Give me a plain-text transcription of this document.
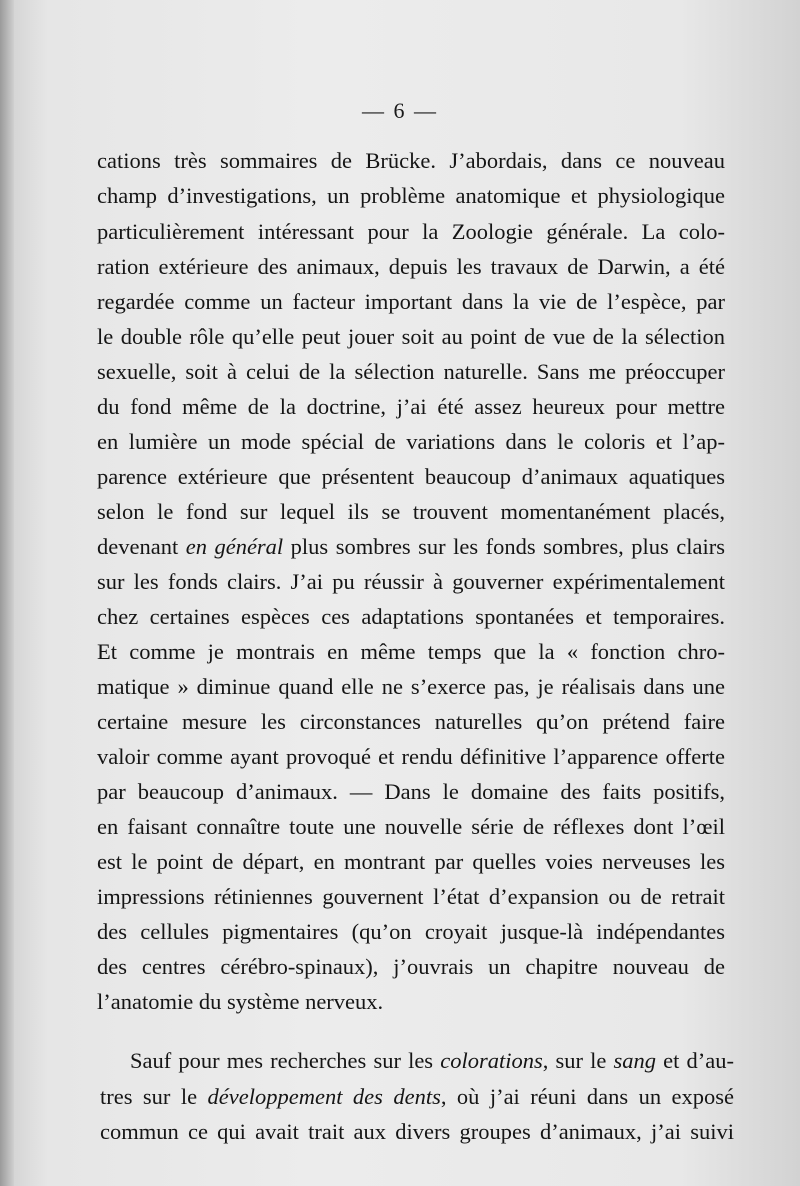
— 6 —
cations très sommaires de Brücke. J’abordais, dans ce nouveau
champ d’investigations, un problème anatomique et physiologique
particulièrement intéressant pour la Zoologie générale. La colo-
ration extérieure des animaux, depuis les travaux de Darwin, a été
regardée comme un facteur important dans la vie de l’espèce, par
le double rôle qu’elle peut jouer soit au point de vue de la sélection
sexuelle, soit à celui de la sélection naturelle. Sans me préoccuper
du fond même de la doctrine, j’ai été assez heureux pour mettre
en lumière un mode spécial de variations dans le coloris et l’ap-
parence extérieure que présentent beaucoup d’animaux aquatiques
selon le fond sur lequel ils se trouvent momentanément placés,
devenant en général plus sombres sur les fonds sombres, plus clairs
sur les fonds clairs. J’ai pu réussir à gouverner expérimentalement
chez certaines espèces ces adaptations spontanées et temporaires.
Et comme je montrais en même temps que la « fonction chro-
matique » diminue quand elle ne s’exerce pas, je réalisais dans une
certaine mesure les circonstances naturelles qu’on prétend faire
valoir comme ayant provoqué et rendu définitive l’apparence offerte
par beaucoup d’animaux. — Dans le domaine des faits positifs,
en faisant connaître toute une nouvelle série de réflexes dont l’œil
est le point de départ, en montrant par quelles voies nerveuses les
impressions rétiniennes gouvernent l’état d’expansion ou de retrait
des cellules pigmentaires (qu’on croyait jusque-là indépendantes
des centres cérébro-spinaux), j’ouvrais un chapitre nouveau de
l’anatomie du système nerveux.
Sauf pour mes recherches sur les colorations, sur le sang et d’au-
tres sur le développement des dents, où j’ai réuni dans un exposé
commun ce qui avait trait aux divers groupes d’animaux, j’ai suivi
